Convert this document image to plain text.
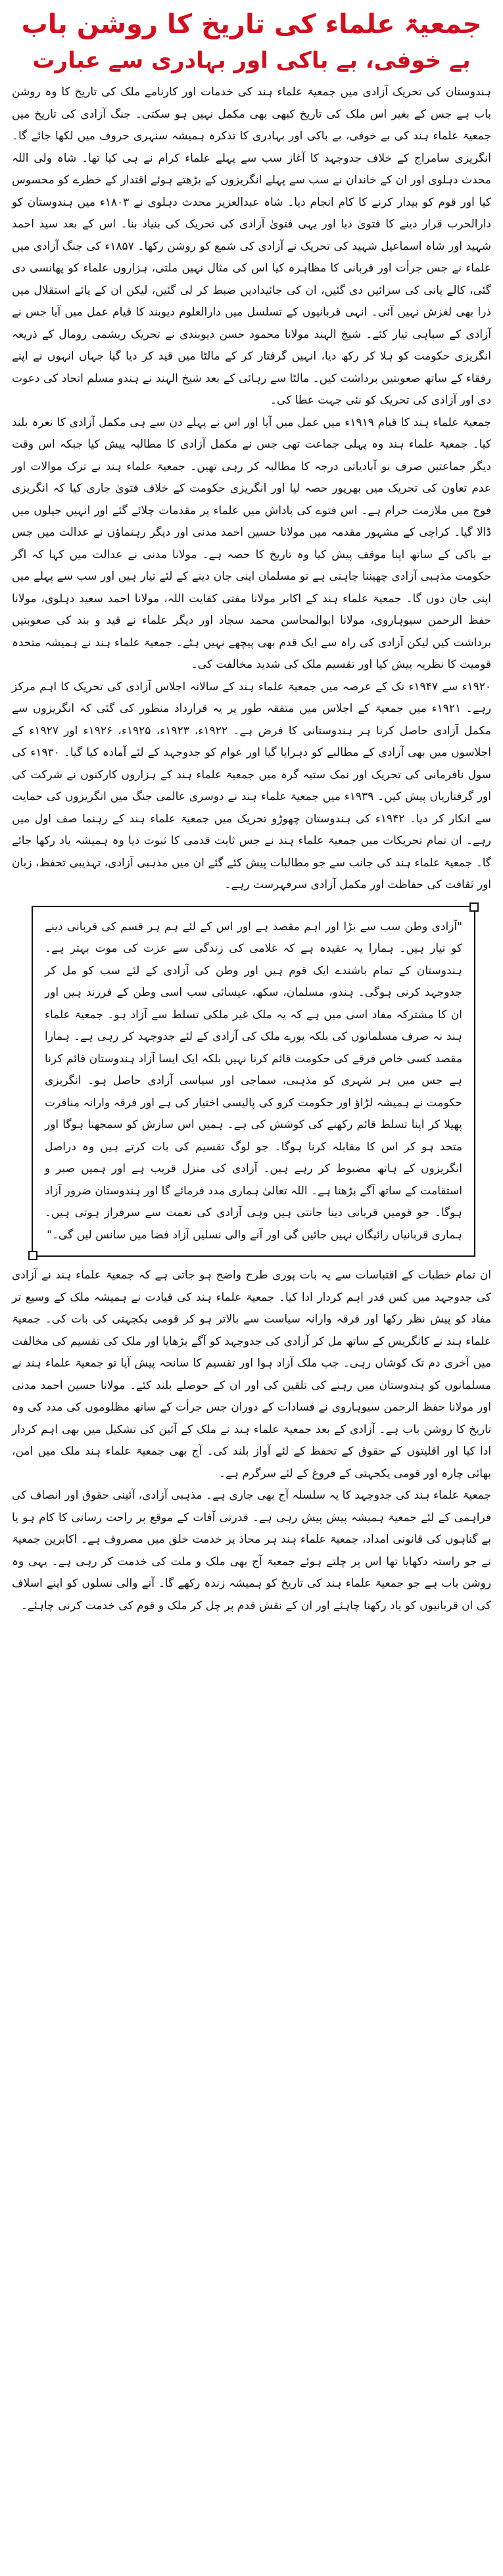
جمعیۃ علماء کی تاریخ کا روشن باب
بے خوفی، بے باکی اور بہادری سے عبارت

ہندوستان کی تحریک آزادی میں جمعیۃ علماء ہند کی خدمات اور کارنامے ملک کی تاریخ کا وہ روشن باب ہے جس کے بغیر اس ملک کی تاریخ کبھی بھی مکمل نہیں ہو سکتی۔ جنگ آزادی کی تاریخ میں جمعیۃ علماء ہند کی بے خوفی، بے باکی اور بہادری کا تذکرہ ہمیشہ سنہری حروف میں لکھا جائے گا۔ انگریزی سامراج کے خلاف جدوجہد کا آغاز سب سے پہلے علماء کرام نے ہی کیا تھا۔ شاہ ولی اللہ محدث دہلوی اور ان کے خاندان نے سب سے پہلے انگریزوں کے بڑھتے ہوئے اقتدار کے خطرے کو محسوس کیا اور قوم کو بیدار کرنے کا کام انجام دیا۔ شاہ عبدالعزیز محدث دہلوی نے ۱۸۰۳ء میں ہندوستان کو دارالحرب قرار دینے کا فتویٰ دیا اور یہی فتویٰ آزادی کی تحریک کی بنیاد بنا۔ اس کے بعد سید احمد شہید اور شاہ اسماعیل شہید کی تحریک نے آزادی کی شمع کو روشن رکھا۔ ۱۸۵۷ء کی جنگ آزادی میں علماء نے جس جرأت اور قربانی کا مظاہرہ کیا اس کی مثال نہیں ملتی، ہزاروں علماء کو پھانسی دی گئی، کالے پانی کی سزائیں دی گئیں، ان کی جائیدادیں ضبط کر لی گئیں، لیکن ان کے پائے استقلال میں ذرا بھی لغزش نہیں آئی۔ انہی قربانیوں کے تسلسل میں دارالعلوم دیوبند کا قیام عمل میں آیا جس نے آزادی کے سپاہی تیار کئے۔ شیخ الہند مولانا محمود حسن دیوبندی نے تحریک ریشمی رومال کے ذریعہ انگریزی حکومت کو ہلا کر رکھ دیا، انہیں گرفتار کر کے مالٹا میں قید کر دیا گیا جہاں انہوں نے اپنے رفقاء کے ساتھ صعوبتیں برداشت کیں۔ مالٹا سے رہائی کے بعد شیخ الہند نے ہندو مسلم اتحاد کی دعوت دی اور آزادی کی تحریک کو نئی جہت عطا کی۔

جمعیۃ علماء ہند کا قیام ۱۹۱۹ء میں عمل میں آیا اور اس نے پہلے دن سے ہی مکمل آزادی کا نعرہ بلند کیا۔ جمعیۃ علماء ہند وہ پہلی جماعت تھی جس نے مکمل آزادی کا مطالبہ پیش کیا جبکہ اس وقت دیگر جماعتیں صرف نو آبادیاتی درجہ کا مطالبہ کر رہی تھیں۔ جمعیۃ علماء ہند نے ترک موالات اور عدم تعاون کی تحریک میں بھرپور حصہ لیا اور انگریزی حکومت کے خلاف فتویٰ جاری کیا کہ انگریزی فوج میں ملازمت حرام ہے۔ اس فتوے کی پاداش میں علماء پر مقدمات چلائے گئے اور انہیں جیلوں میں ڈالا گیا۔ کراچی کے مشہور مقدمہ میں مولانا حسین احمد مدنی اور دیگر رہنماؤں نے عدالت میں جس بے باکی کے ساتھ اپنا موقف پیش کیا وہ تاریخ کا حصہ ہے۔ مولانا مدنی نے عدالت میں کہا کہ اگر حکومت مذہبی آزادی چھیننا چاہتی ہے تو مسلمان اپنی جان دینے کے لئے تیار ہیں اور سب سے پہلے میں اپنی جان دوں گا۔ جمعیۃ علماء ہند کے اکابر مولانا مفتی کفایت اللہ، مولانا احمد سعید دہلوی، مولانا حفظ الرحمن سیوہاروی، مولانا ابوالمحاسن محمد سجاد اور دیگر علماء نے قید و بند کی صعوبتیں برداشت کیں لیکن آزادی کی راہ سے ایک قدم بھی پیچھے نہیں ہٹے۔ جمعیۃ علماء ہند نے ہمیشہ متحدہ قومیت کا نظریہ پیش کیا اور تقسیم ملک کی شدید مخالفت کی۔

۱۹۲۰ء سے ۱۹۴۷ء تک کے عرصہ میں جمعیۃ علماء ہند کے سالانہ اجلاس آزادی کی تحریک کا اہم مرکز رہے۔ ۱۹۲۱ء میں جمعیۃ کے اجلاس میں متفقہ طور پر یہ قرارداد منظور کی گئی کہ انگریزوں سے مکمل آزادی حاصل کرنا ہر ہندوستانی کا فرض ہے۔ ۱۹۲۲ء، ۱۹۲۳ء، ۱۹۲۵ء، ۱۹۲۶ء اور ۱۹۲۷ء کے اجلاسوں میں بھی آزادی کے مطالبے کو دہرایا گیا اور عوام کو جدوجہد کے لئے آمادہ کیا گیا۔ ۱۹۳۰ء کی سول نافرمانی کی تحریک اور نمک ستیہ گرہ میں جمعیۃ علماء ہند کے ہزاروں کارکنوں نے شرکت کی اور گرفتاریاں پیش کیں۔ ۱۹۳۹ء میں جمعیۃ علماء ہند نے دوسری عالمی جنگ میں انگریزوں کی حمایت سے انکار کر دیا۔ ۱۹۴۲ء کی ہندوستان چھوڑو تحریک میں جمعیۃ علماء ہند کے رہنما صف اول میں رہے۔ ان تمام تحریکات میں جمعیۃ علماء ہند نے جس ثابت قدمی کا ثبوت دیا وہ ہمیشہ یاد رکھا جائے گا۔ جمعیۃ علماء ہند کی جانب سے جو مطالبات پیش کئے گئے ان میں مذہبی آزادی، تہذیبی تحفظ، زبان اور ثقافت کی حفاظت اور مکمل آزادی سرفہرست رہے۔

"آزادی وطن سب سے بڑا اور اہم مقصد ہے اور اس کے لئے ہم ہر قسم کی قربانی دینے کو تیار ہیں۔ ہمارا یہ عقیدہ ہے کہ غلامی کی زندگی سے عزت کی موت بہتر ہے۔ ہندوستان کے تمام باشندے ایک قوم ہیں اور وطن کی آزادی کے لئے سب کو مل کر جدوجہد کرنی ہوگی۔ ہندو، مسلمان، سکھ، عیسائی سب اسی وطن کے فرزند ہیں اور ان کا مشترکہ مفاد اسی میں ہے کہ یہ ملک غیر ملکی تسلط سے آزاد ہو۔ جمعیۃ علماء ہند نہ صرف مسلمانوں کی بلکہ پورے ملک کی آزادی کے لئے جدوجہد کر رہی ہے۔ ہمارا مقصد کسی خاص فرقے کی حکومت قائم کرنا نہیں بلکہ ایک ایسا آزاد ہندوستان قائم کرنا ہے جس میں ہر شہری کو مذہبی، سماجی اور سیاسی آزادی حاصل ہو۔ انگریزی حکومت نے ہمیشہ لڑاؤ اور حکومت کرو کی پالیسی اختیار کی ہے اور فرقہ وارانہ منافرت پھیلا کر اپنا تسلط قائم رکھنے کی کوشش کی ہے۔ ہمیں اس سازش کو سمجھنا ہوگا اور متحد ہو کر اس کا مقابلہ کرنا ہوگا۔ جو لوگ تقسیم کی بات کرتے ہیں وہ دراصل انگریزوں کے ہاتھ مضبوط کر رہے ہیں۔ آزادی کی منزل قریب ہے اور ہمیں صبر و استقامت کے ساتھ آگے بڑھنا ہے۔ اللہ تعالیٰ ہماری مدد فرمائے گا اور ہندوستان ضرور آزاد ہوگا۔ جو قومیں قربانی دینا جانتی ہیں وہی آزادی کی نعمت سے سرفراز ہوتی ہیں۔ ہماری قربانیاں رائیگاں نہیں جائیں گی اور آنے والی نسلیں آزاد فضا میں سانس لیں گی۔"

ان تمام خطبات کے اقتباسات سے یہ بات پوری طرح واضح ہو جاتی ہے کہ جمعیۃ علماء ہند نے آزادی کی جدوجہد میں کس قدر اہم کردار ادا کیا۔ جمعیۃ علماء ہند کی قیادت نے ہمیشہ ملک کے وسیع تر مفاد کو پیش نظر رکھا اور فرقہ وارانہ سیاست سے بالاتر ہو کر قومی یکجہتی کی بات کی۔ جمعیۃ علماء ہند نے کانگریس کے ساتھ مل کر آزادی کی جدوجہد کو آگے بڑھایا اور ملک کی تقسیم کی مخالفت میں آخری دم تک کوشاں رہی۔ جب ملک آزاد ہوا اور تقسیم کا سانحہ پیش آیا تو جمعیۃ علماء ہند نے مسلمانوں کو ہندوستان میں رہنے کی تلقین کی اور ان کے حوصلے بلند کئے۔ مولانا حسین احمد مدنی اور مولانا حفظ الرحمن سیوہاروی نے فسادات کے دوران جس جرأت کے ساتھ مظلوموں کی مدد کی وہ تاریخ کا روشن باب ہے۔ آزادی کے بعد جمعیۃ علماء ہند نے ملک کے آئین کی تشکیل میں بھی اہم کردار ادا کیا اور اقلیتوں کے حقوق کے تحفظ کے لئے آواز بلند کی۔ آج بھی جمعیۃ علماء ہند ملک میں امن، بھائی چارہ اور قومی یکجہتی کے فروغ کے لئے سرگرم ہے۔

جمعیۃ علماء ہند کی جدوجہد کا یہ سلسلہ آج بھی جاری ہے۔ مذہبی آزادی، آئینی حقوق اور انصاف کی فراہمی کے لئے جمعیۃ ہمیشہ پیش پیش رہی ہے۔ قدرتی آفات کے موقع پر راحت رسانی کا کام ہو یا بے گناہوں کی قانونی امداد، جمعیۃ علماء ہند ہر محاذ پر خدمت خلق میں مصروف ہے۔ اکابرین جمعیۃ نے جو راستہ دکھایا تھا اس پر چلتے ہوئے جمعیۃ آج بھی ملک و ملت کی خدمت کر رہی ہے۔ یہی وہ روشن باب ہے جو جمعیۃ علماء ہند کی تاریخ کو ہمیشہ زندہ رکھے گا۔ آنے والی نسلوں کو اپنے اسلاف کی ان قربانیوں کو یاد رکھنا چاہئے اور ان کے نقش قدم پر چل کر ملک و قوم کی خدمت کرنی چاہئے۔
